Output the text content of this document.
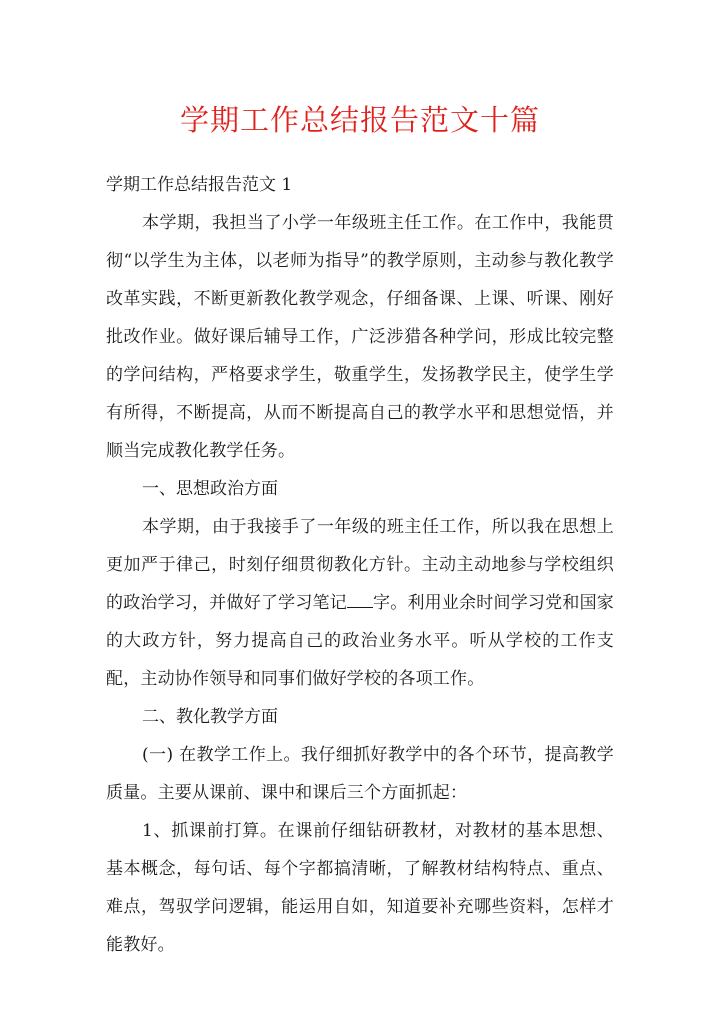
学期工作总结报告范文十篇

学期工作总结报告范文 1

本学期，我担当了小学一年级班主任工作。在工作中，我能贯彻“以学生为主体，以老师为指导”的教学原则，主动参与教化教学改革实践，不断更新教化教学观念，仔细备课、上课、听课、刚好批改作业。做好课后辅导工作，广泛涉猎各种学问，形成比较完整的学问结构，严格要求学生，敬重学生，发扬教学民主，使学生学有所得，不断提高，从而不断提高自己的教学水平和思想觉悟，并顺当完成教化教学任务。

一、思想政治方面

本学期，由于我接手了一年级的班主任工作，所以我在思想上更加严于律己，时刻仔细贯彻教化方针。主动主动地参与学校组织的政治学习，并做好了学习笔记 字。利用业余时间学习党和国家的大政方针，努力提高自己的政治业务水平。听从学校的工作支配，主动协作领导和同事们做好学校的各项工作。

二、教化教学方面

(一) 在教学工作上。我仔细抓好教学中的各个环节，提高教学质量。主要从课前、课中和课后三个方面抓起：

1、抓课前打算。在课前仔细钻研教材，对教材的基本思想、基本概念，每句话、每个字都搞清晰，了解教材结构特点、重点、难点，驾驭学问逻辑，能运用自如，知道要补充哪些资料，怎样才能教好。
